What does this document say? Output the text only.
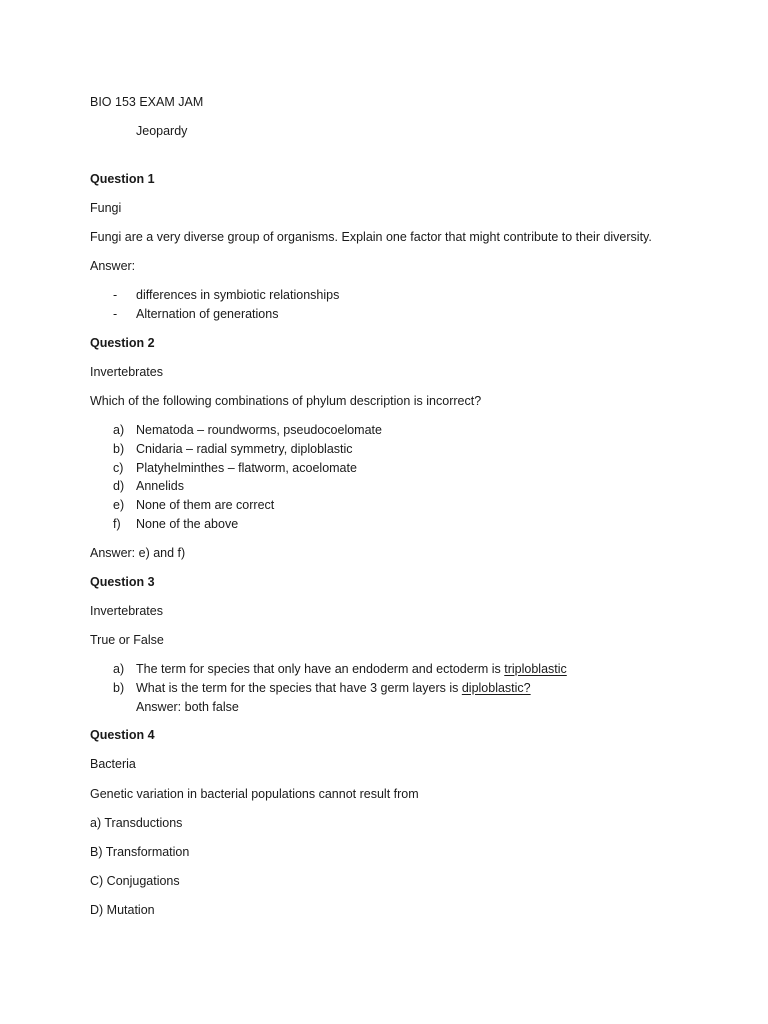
BIO 153 EXAM JAM
Jeopardy
Question 1
Fungi
Fungi are a very diverse group of organisms. Explain one factor that might contribute to their diversity.
Answer:
- differences in symbiotic relationships
- Alternation of generations
Question 2
Invertebrates
Which of the following combinations of phylum description is incorrect?
a) Nematoda – roundworms, pseudocoelomate
b) Cnidaria – radial symmetry, diploblastic
c) Platyhelminthes – flatworm, acoelomate
d) Annelids
e) None of them are correct
f) None of the above
Answer: e) and f)
Question 3
Invertebrates
True or False
a) The term for species that only have an endoderm and ectoderm is triploblastic
b) What is the term for the species that have 3 germ layers is diploblastic?
Answer: both false
Question 4
Bacteria
Genetic variation in bacterial populations cannot result from
a) Transductions
B) Transformation
C) Conjugations
D) Mutation
